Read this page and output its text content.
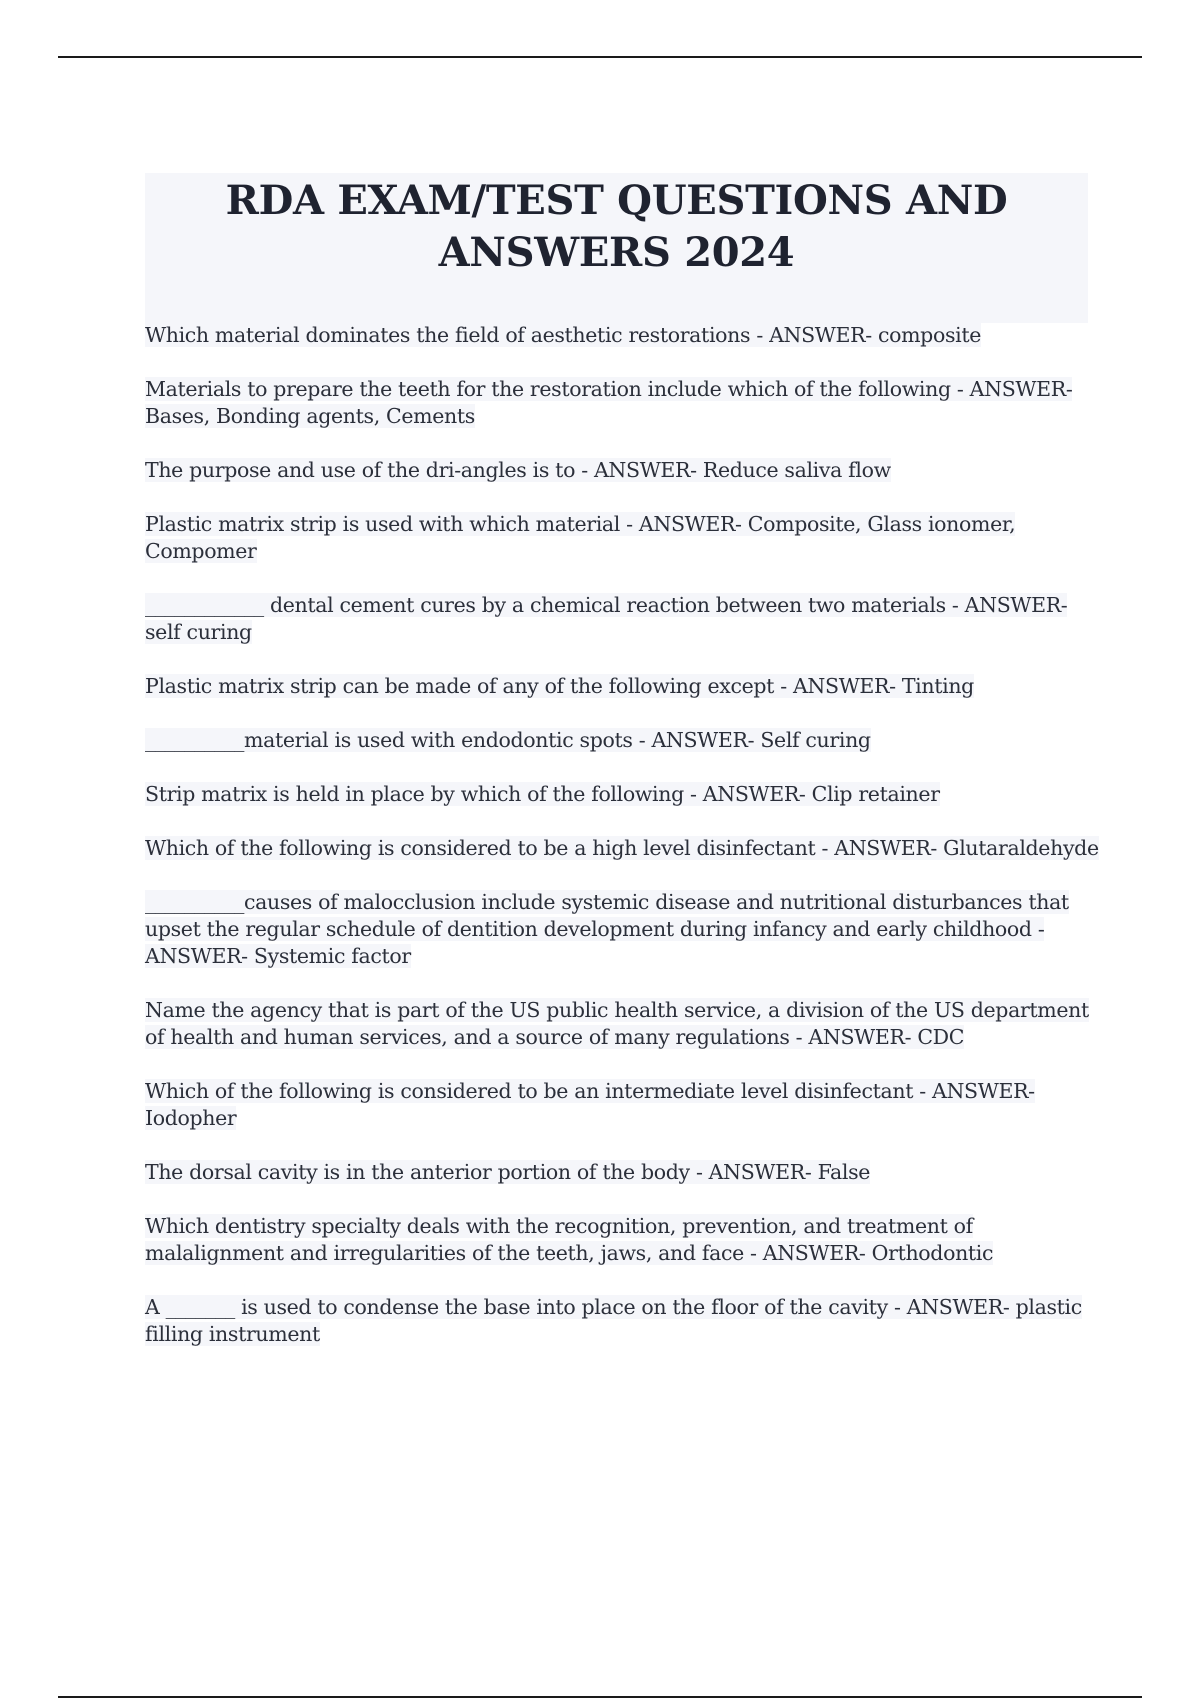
RDA EXAM/TEST QUESTIONS AND
ANSWERS 2024

Which material dominates the field of aesthetic restorations - ANSWER- composite

Materials to prepare the teeth for the restoration include which of the following - ANSWER- Bases, Bonding agents, Cements

The purpose and use of the dri-angles is to - ANSWER- Reduce saliva flow

Plastic matrix strip is used with which material - ANSWER- Composite, Glass ionomer, Compomer

____________ dental cement cures by a chemical reaction between two materials - ANSWER- self curing

Plastic matrix strip can be made of any of the following except - ANSWER- Tinting

__________material is used with endodontic spots - ANSWER- Self curing

Strip matrix is held in place by which of the following - ANSWER- Clip retainer

Which of the following is considered to be a high level disinfectant - ANSWER- Glutaraldehyde

__________causes of malocclusion include systemic disease and nutritional disturbances that upset the regular schedule of dentition development during infancy and early childhood - ANSWER- Systemic factor

Name the agency that is part of the US public health service, a division of the US department of health and human services, and a source of many regulations - ANSWER- CDC

Which of the following is considered to be an intermediate level disinfectant - ANSWER- Iodopher

The dorsal cavity is in the anterior portion of the body - ANSWER- False

Which dentistry specialty deals with the recognition, prevention, and treatment of malalignment and irregularities of the teeth, jaws, and face - ANSWER- Orthodontic

A _______ is used to condense the base into place on the floor of the cavity - ANSWER- plastic filling instrument
